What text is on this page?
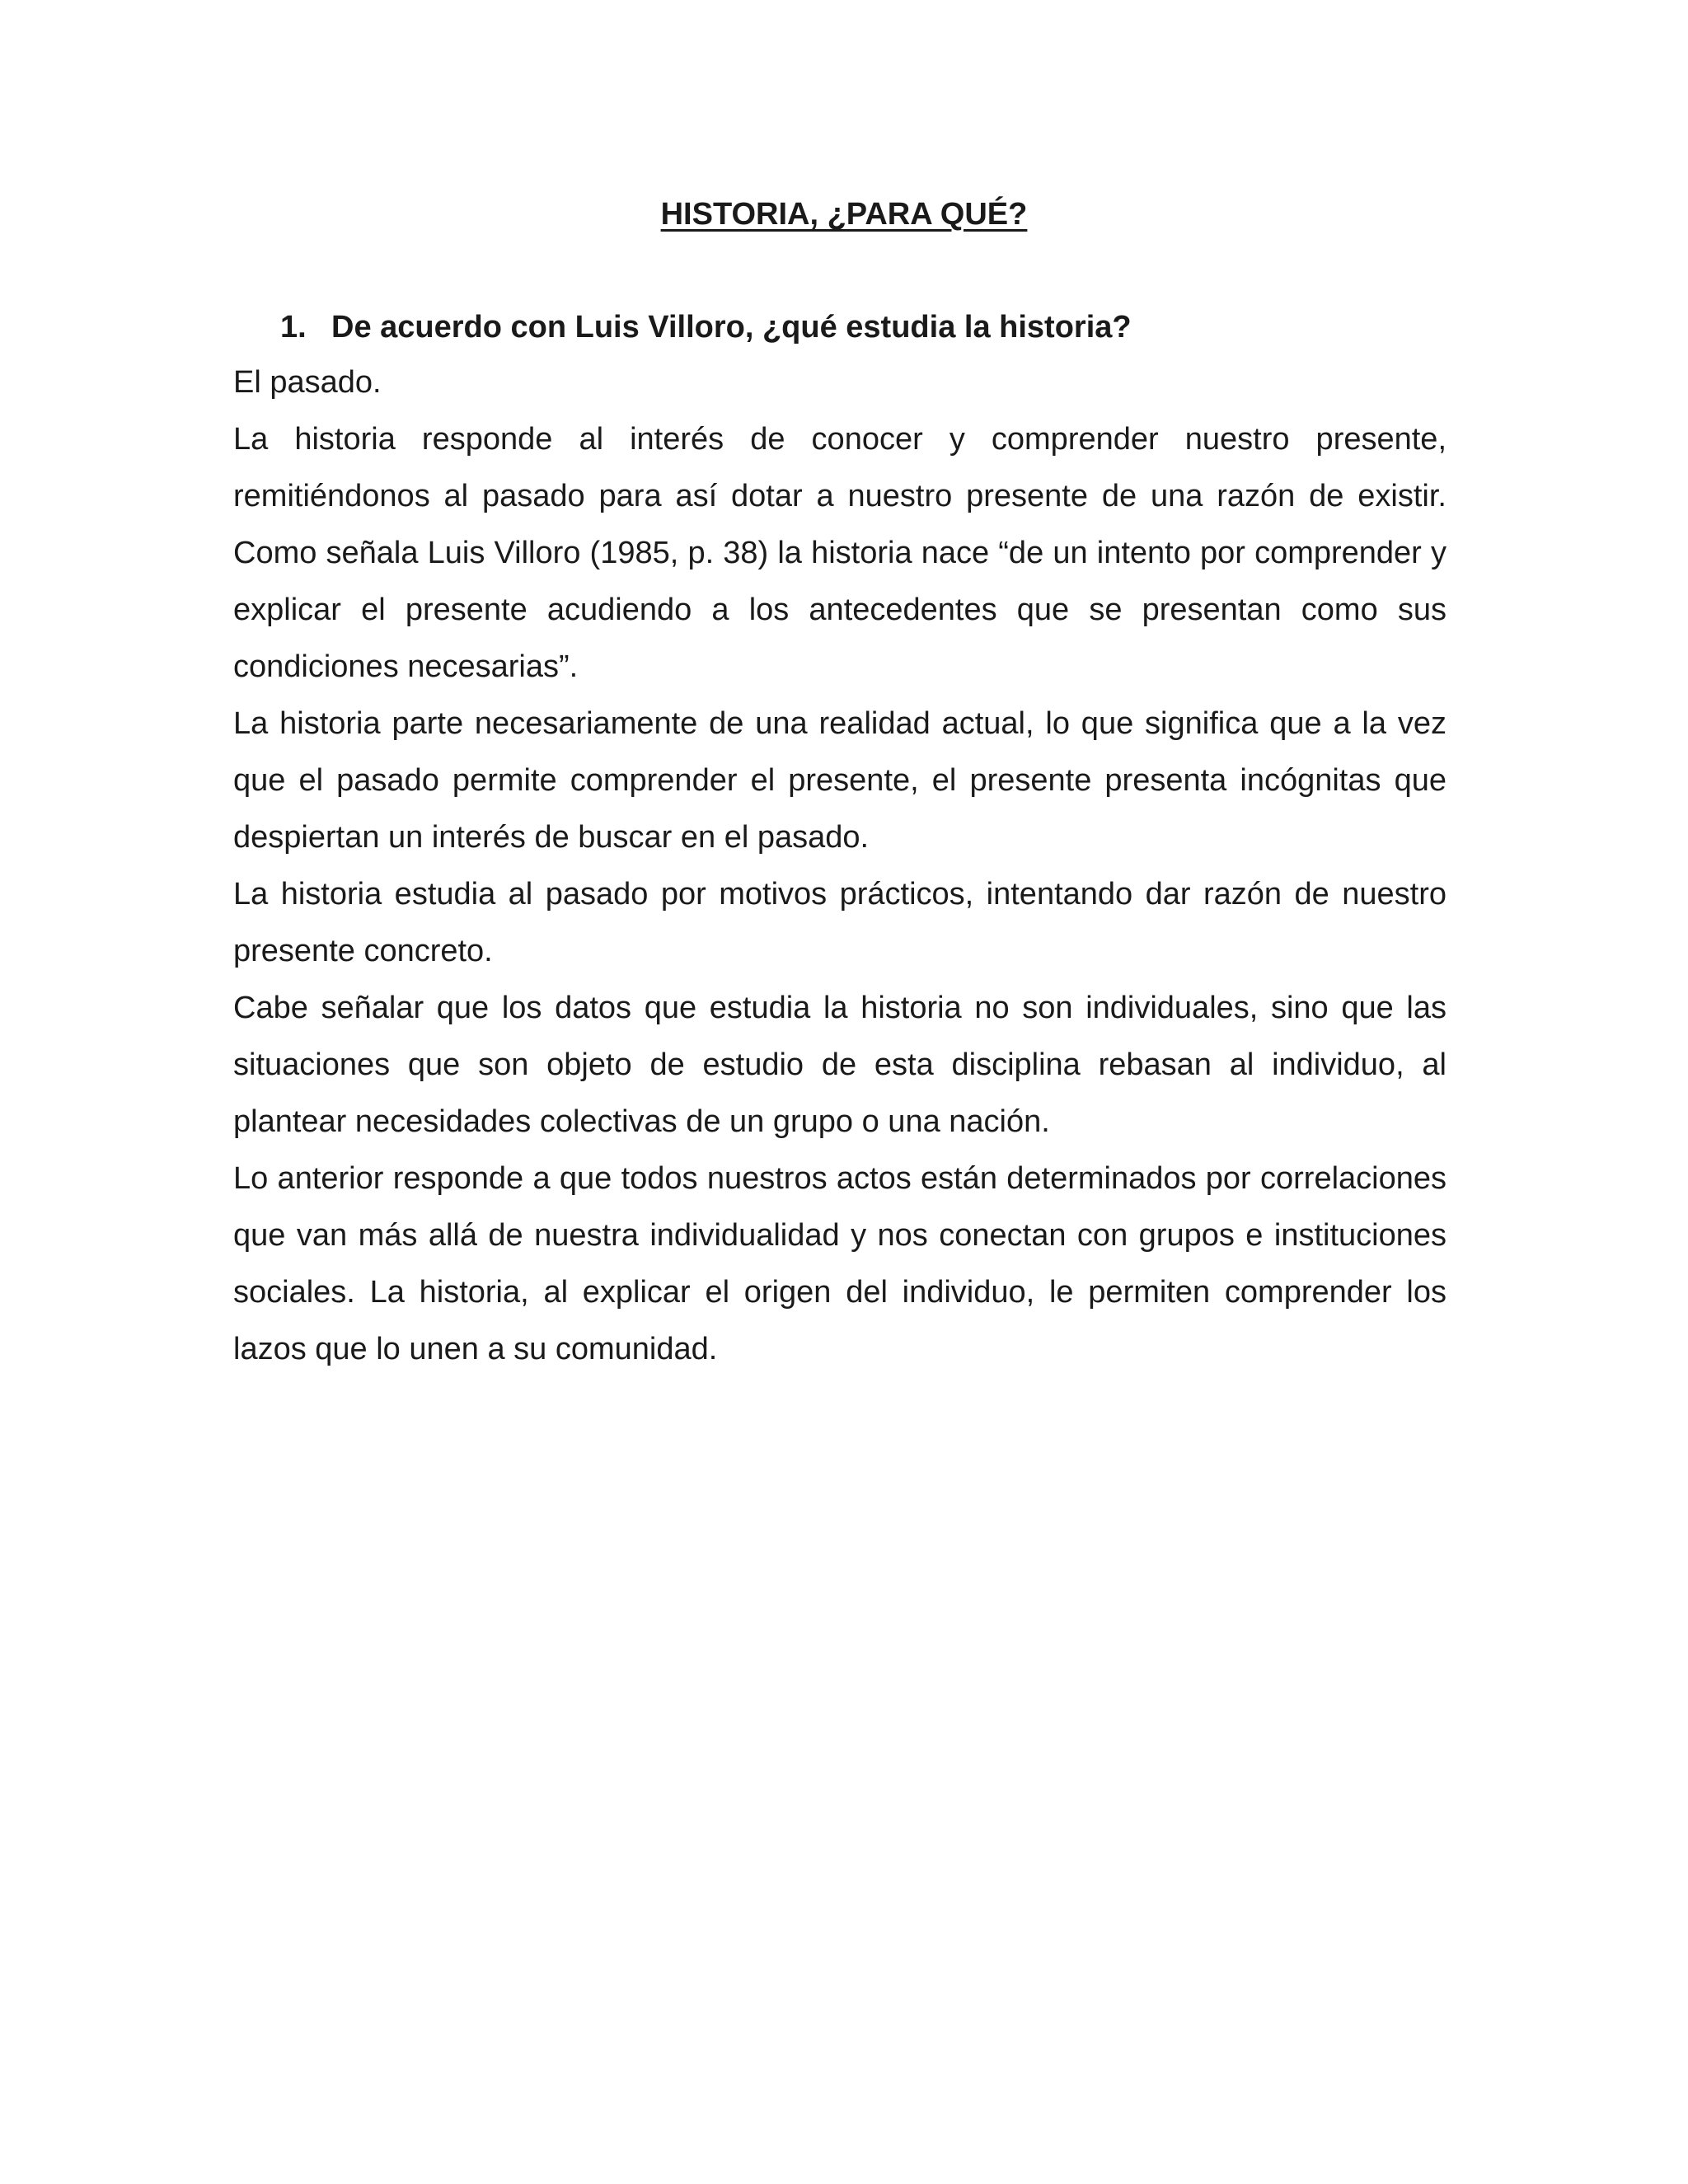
HISTORIA, ¿PARA QUÉ?
1. De acuerdo con Luis Villoro, ¿qué estudia la historia?

El pasado.

La historia responde al interés de conocer y comprender nuestro presente, remitiéndonos al pasado para así dotar a nuestro presente de una razón de existir. Como señala Luis Villoro (1985, p. 38) la historia nace “de un intento por comprender y explicar el presente acudiendo a los antecedentes que se presentan como sus condiciones necesarias”.

La historia parte necesariamente de una realidad actual, lo que significa que a la vez que el pasado permite comprender el presente, el presente presenta incógnitas que despiertan un interés de buscar en el pasado.

La historia estudia al pasado por motivos prácticos, intentando dar razón de nuestro presente concreto.

Cabe señalar que los datos que estudia la historia no son individuales, sino que las situaciones que son objeto de estudio de esta disciplina rebasan al individuo, al plantear necesidades colectivas de un grupo o una nación.

Lo anterior responde a que todos nuestros actos están determinados por correlaciones que van más allá de nuestra individualidad y nos conectan con grupos e instituciones sociales. La historia, al explicar el origen del individuo, le permiten comprender los lazos que lo unen a su comunidad.
